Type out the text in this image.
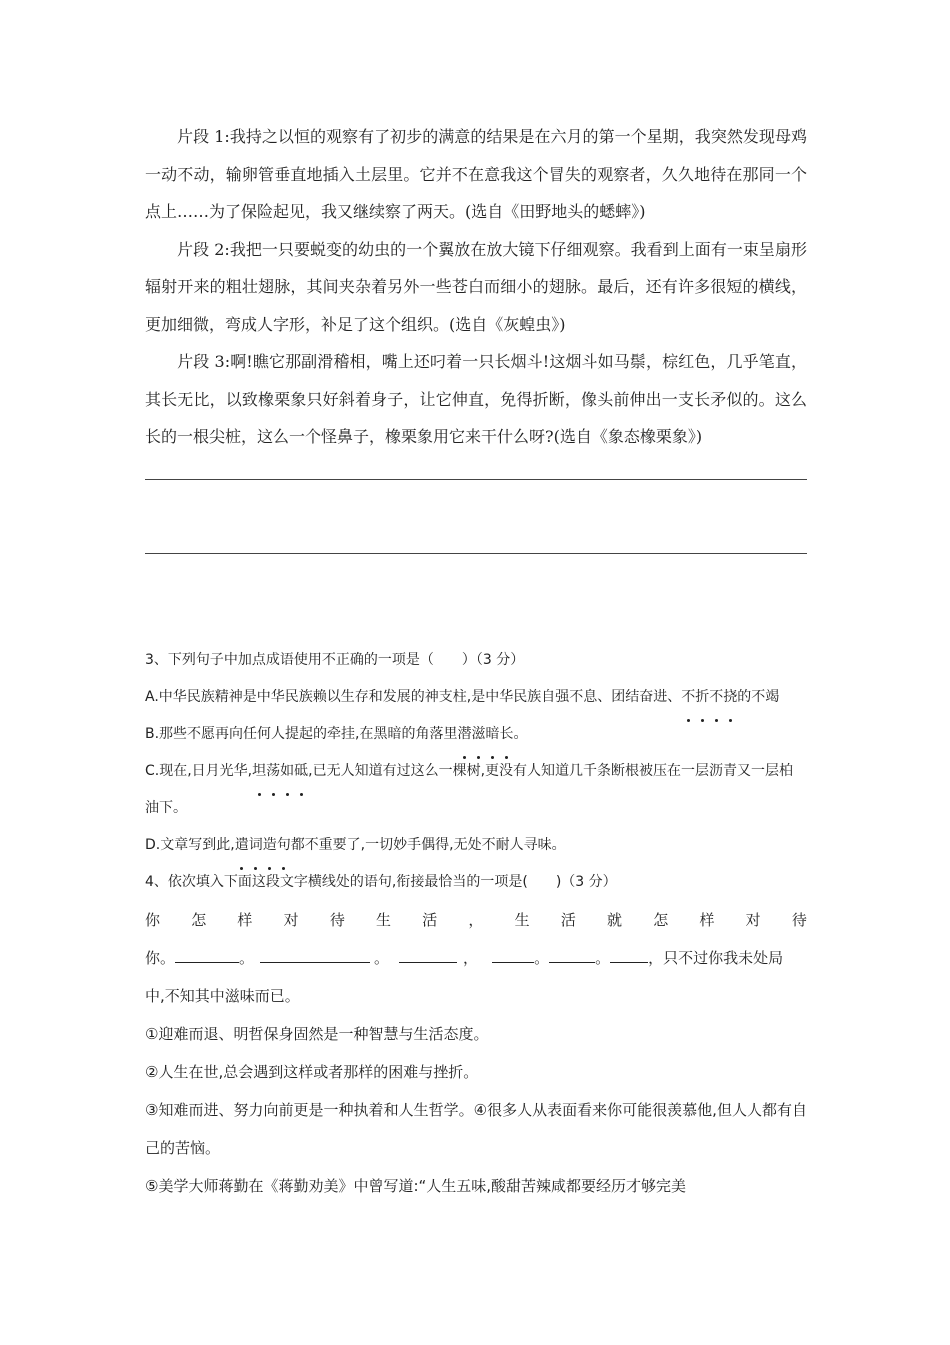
片段 1:我持之以恒的观察有了初步的满意的结果是在六月的第一个星期，我突然发现母鸡一动不动，输卵管垂直地插入土层里。它并不在意我这个冒失的观察者，久久地待在那同一个点上……为了保险起见，我又继续察了两天。(选自《田野地头的蟋蟀》)
片段 2:我把一只要蜕变的幼虫的一个翼放在放大镜下仔细观察。我看到上面有一束呈扇形辐射开来的粗壮翅脉，其间夹杂着另外一些苍白而细小的翅脉。最后，还有许多很短的横线，更加细微，弯成人字形，补足了这个组织。(选自《灰蝗虫》)
片段 3:啊!瞧它那副滑稽相，嘴上还叼着一只长烟斗!这烟斗如马鬃，棕红色，几乎笔直，其长无比，以致橡栗象只好斜着身子，让它伸直，免得折断，像头前伸出一支长矛似的。这么长的一根尖桩，这么一个怪鼻子，橡栗象用它来干什么呀?(选自《象态橡栗象》)
3、下列句子中加点成语使用不正确的一项是（　　）（3 分）
A.中华民族精神是中华民族赖以生存和发展的神支柱,是中华民族自强不息、团结奋进、不折不挠的不竭
B.那些不愿再向任何人提起的牵挂,在黑暗的角落里潜滋暗长。
C.现在,日月光华,坦荡如砥,已无人知道有过这么一棵树,更没有人知道几千条断根被压在一层沥青又一层柏油下。
D.文章写到此,遣词造句都不重要了,一切妙手偶得,无处不耐人寻味。
4、依次填入下面这段文字横线处的语句,衔接最恰当的一项是(　　)（3 分）
你 怎 样 对 待 生 活 ， 生 活 就 怎 样 对 待
你。	。	。	，	。	。	，只不过你我未处局
中,不知其中滋味而已。
①迎难而退、明哲保身固然是一种智慧与生活态度。
②人生在世,总会遇到这样或者那样的困难与挫折。
③知难而进、努力向前更是一种执着和人生哲学。④很多人从表面看来你可能很羡慕他,但人人都有自己的苦恼。
⑤美学大师蒋勤在《蒋勤劝美》中曾写道:“人生五味,酸甜苦辣咸都要经历才够完美
